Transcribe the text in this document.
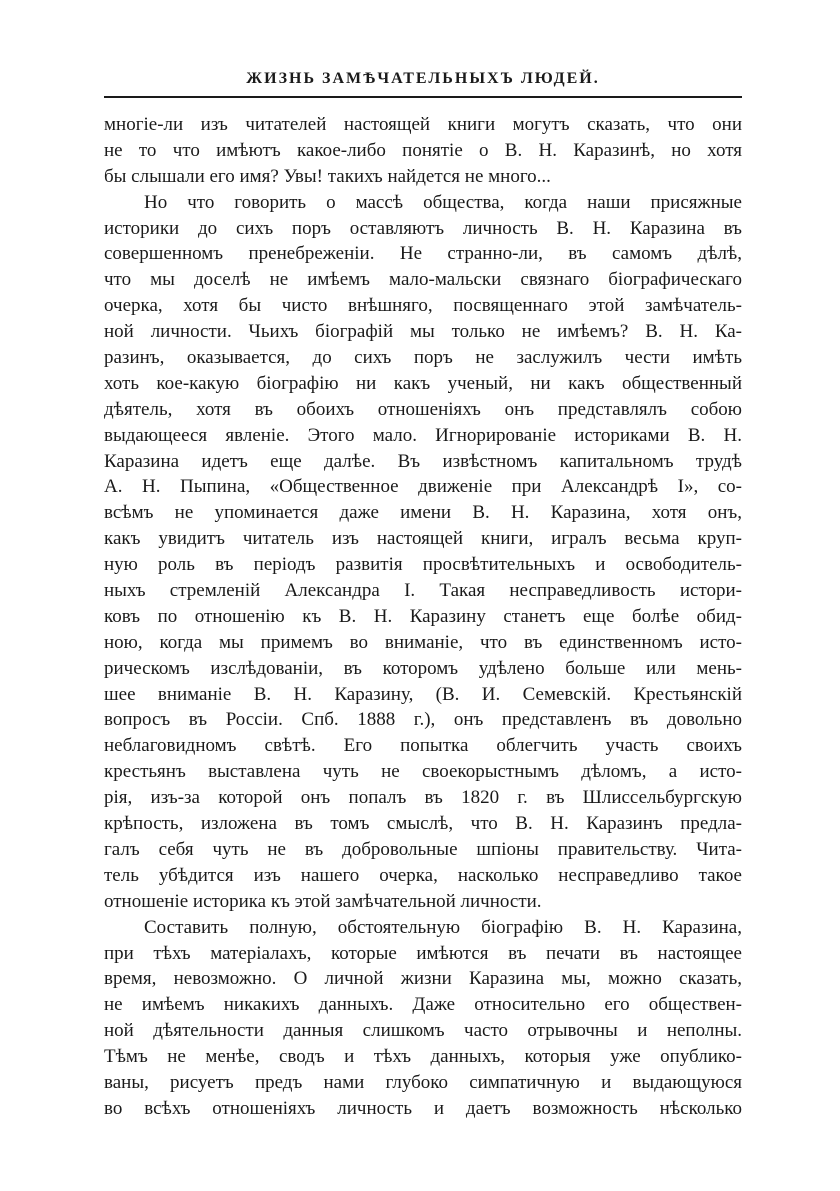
ЖИЗНЬ ЗАМѢЧАТЕЛЬНЫХЪ ЛЮДЕЙ.
многіе-ли изъ читателей настоящей книги могутъ сказать, что они
не то что имѣютъ какое-либо понятіе о В. Н. Каразинѣ, но хотя
бы слышали его имя? Увы! такихъ найдется не много...
Но что говорить о массѣ общества, когда наши присяжные
историки до сихъ поръ оставляютъ личность В. Н. Каразина въ
совершенномъ пренебреженіи. Не странно-ли, въ самомъ дѣлѣ,
что мы доселѣ не имѣемъ мало-мальски связнаго біографическаго
очерка, хотя бы чисто внѣшняго, посвященнаго этой замѣчатель-
ной личности. Чьихъ біографій мы только не имѣемъ? В. Н. Ка-
разинъ, оказывается, до сихъ поръ не заслужилъ чести имѣть
хоть кое-какую біографію ни какъ ученый, ни какъ общественный
дѣятель, хотя въ обоихъ отношеніяхъ онъ представлялъ собою
выдающееся явленіе. Этого мало. Игнорированіе историками В. Н.
Каразина идетъ еще далѣе. Въ извѣстномъ капитальномъ трудѣ
А. Н. Пыпина, «Общественное движеніе при Александрѣ I», со-
всѣмъ не упоминается даже имени В. Н. Каразина, хотя онъ,
какъ увидитъ читатель изъ настоящей книги, игралъ весьма круп-
ную роль въ періодъ развитія просвѣтительныхъ и освободитель-
ныхъ стремленій Александра I. Такая несправедливость истори-
ковъ по отношенію къ В. Н. Каразину станетъ еще болѣе обид-
ною, когда мы примемъ во вниманіе, что въ единственномъ исто-
рическомъ изслѣдованіи, въ которомъ удѣлено больше или мень-
шее вниманіе В. Н. Каразину, (В. И. Семевскій. Крестьянскій
вопросъ въ Россіи. Спб. 1888 г.), онъ представленъ въ довольно
неблаговидномъ свѣтѣ. Его попытка облегчить участь своихъ
крестьянъ выставлена чуть не своекорыстнымъ дѣломъ, а исто-
рія, изъ-за которой онъ попалъ въ 1820 г. въ Шлиссельбургскую
крѣпость, изложена въ томъ смыслѣ, что В. Н. Каразинъ предла-
галъ себя чуть не въ добровольные шпіоны правительству. Чита-
тель убѣдится изъ нашего очерка, насколько несправедливо такое
отношеніе историка къ этой замѣчательной личности.
Составить полную, обстоятельную біографію В. Н. Каразина,
при тѣхъ матеріалахъ, которые имѣются въ печати въ настоящее
время, невозможно. О личной жизни Каразина мы, можно сказать,
не имѣемъ никакихъ данныхъ. Даже относительно его обществен-
ной дѣятельности данныя слишкомъ часто отрывочны и неполны.
Тѣмъ не менѣе, сводъ и тѣхъ данныхъ, которыя уже опублико-
ваны, рисуетъ предъ нами глубоко симпатичную и выдающуюся
во всѣхъ отношеніяхъ личность и даетъ возможность нѣсколько
